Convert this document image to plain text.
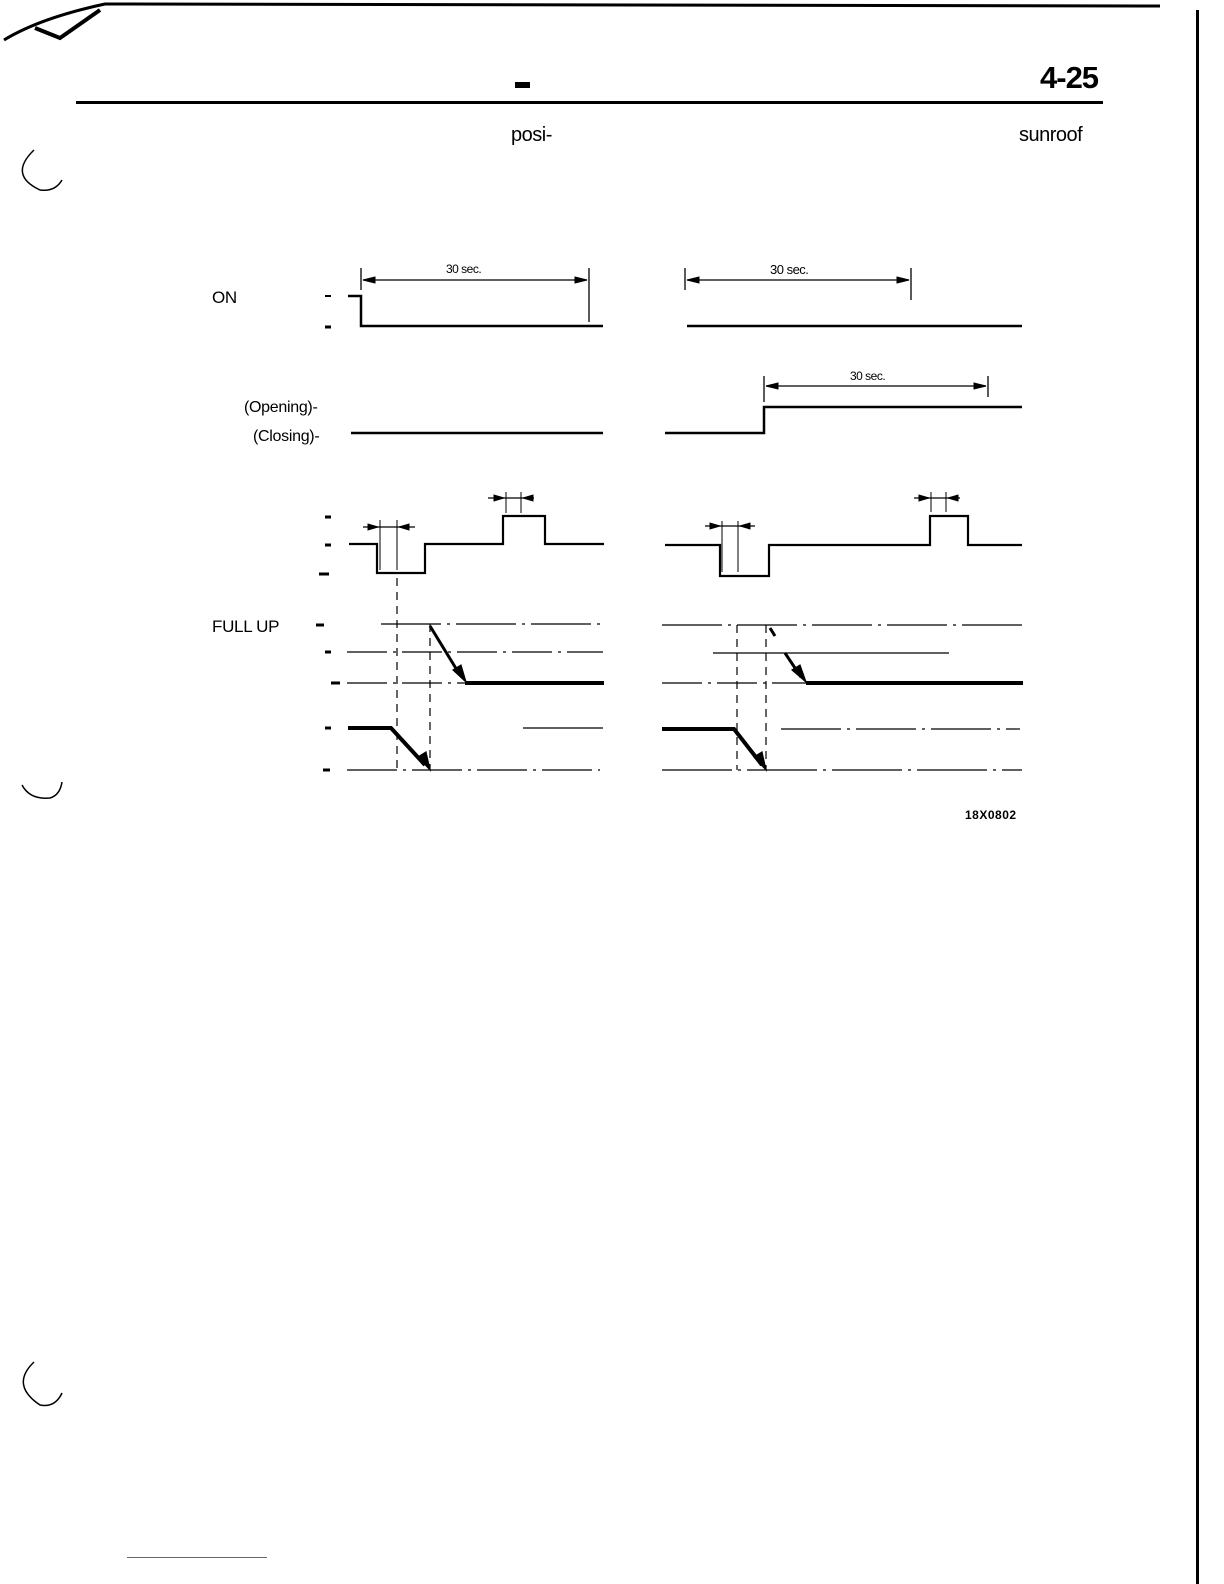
4-25
posi-	sunroof
ON
(Opening)-
(Closing)-
FULL UP
30 sec.	30 sec.
30 sec.
18X0802
